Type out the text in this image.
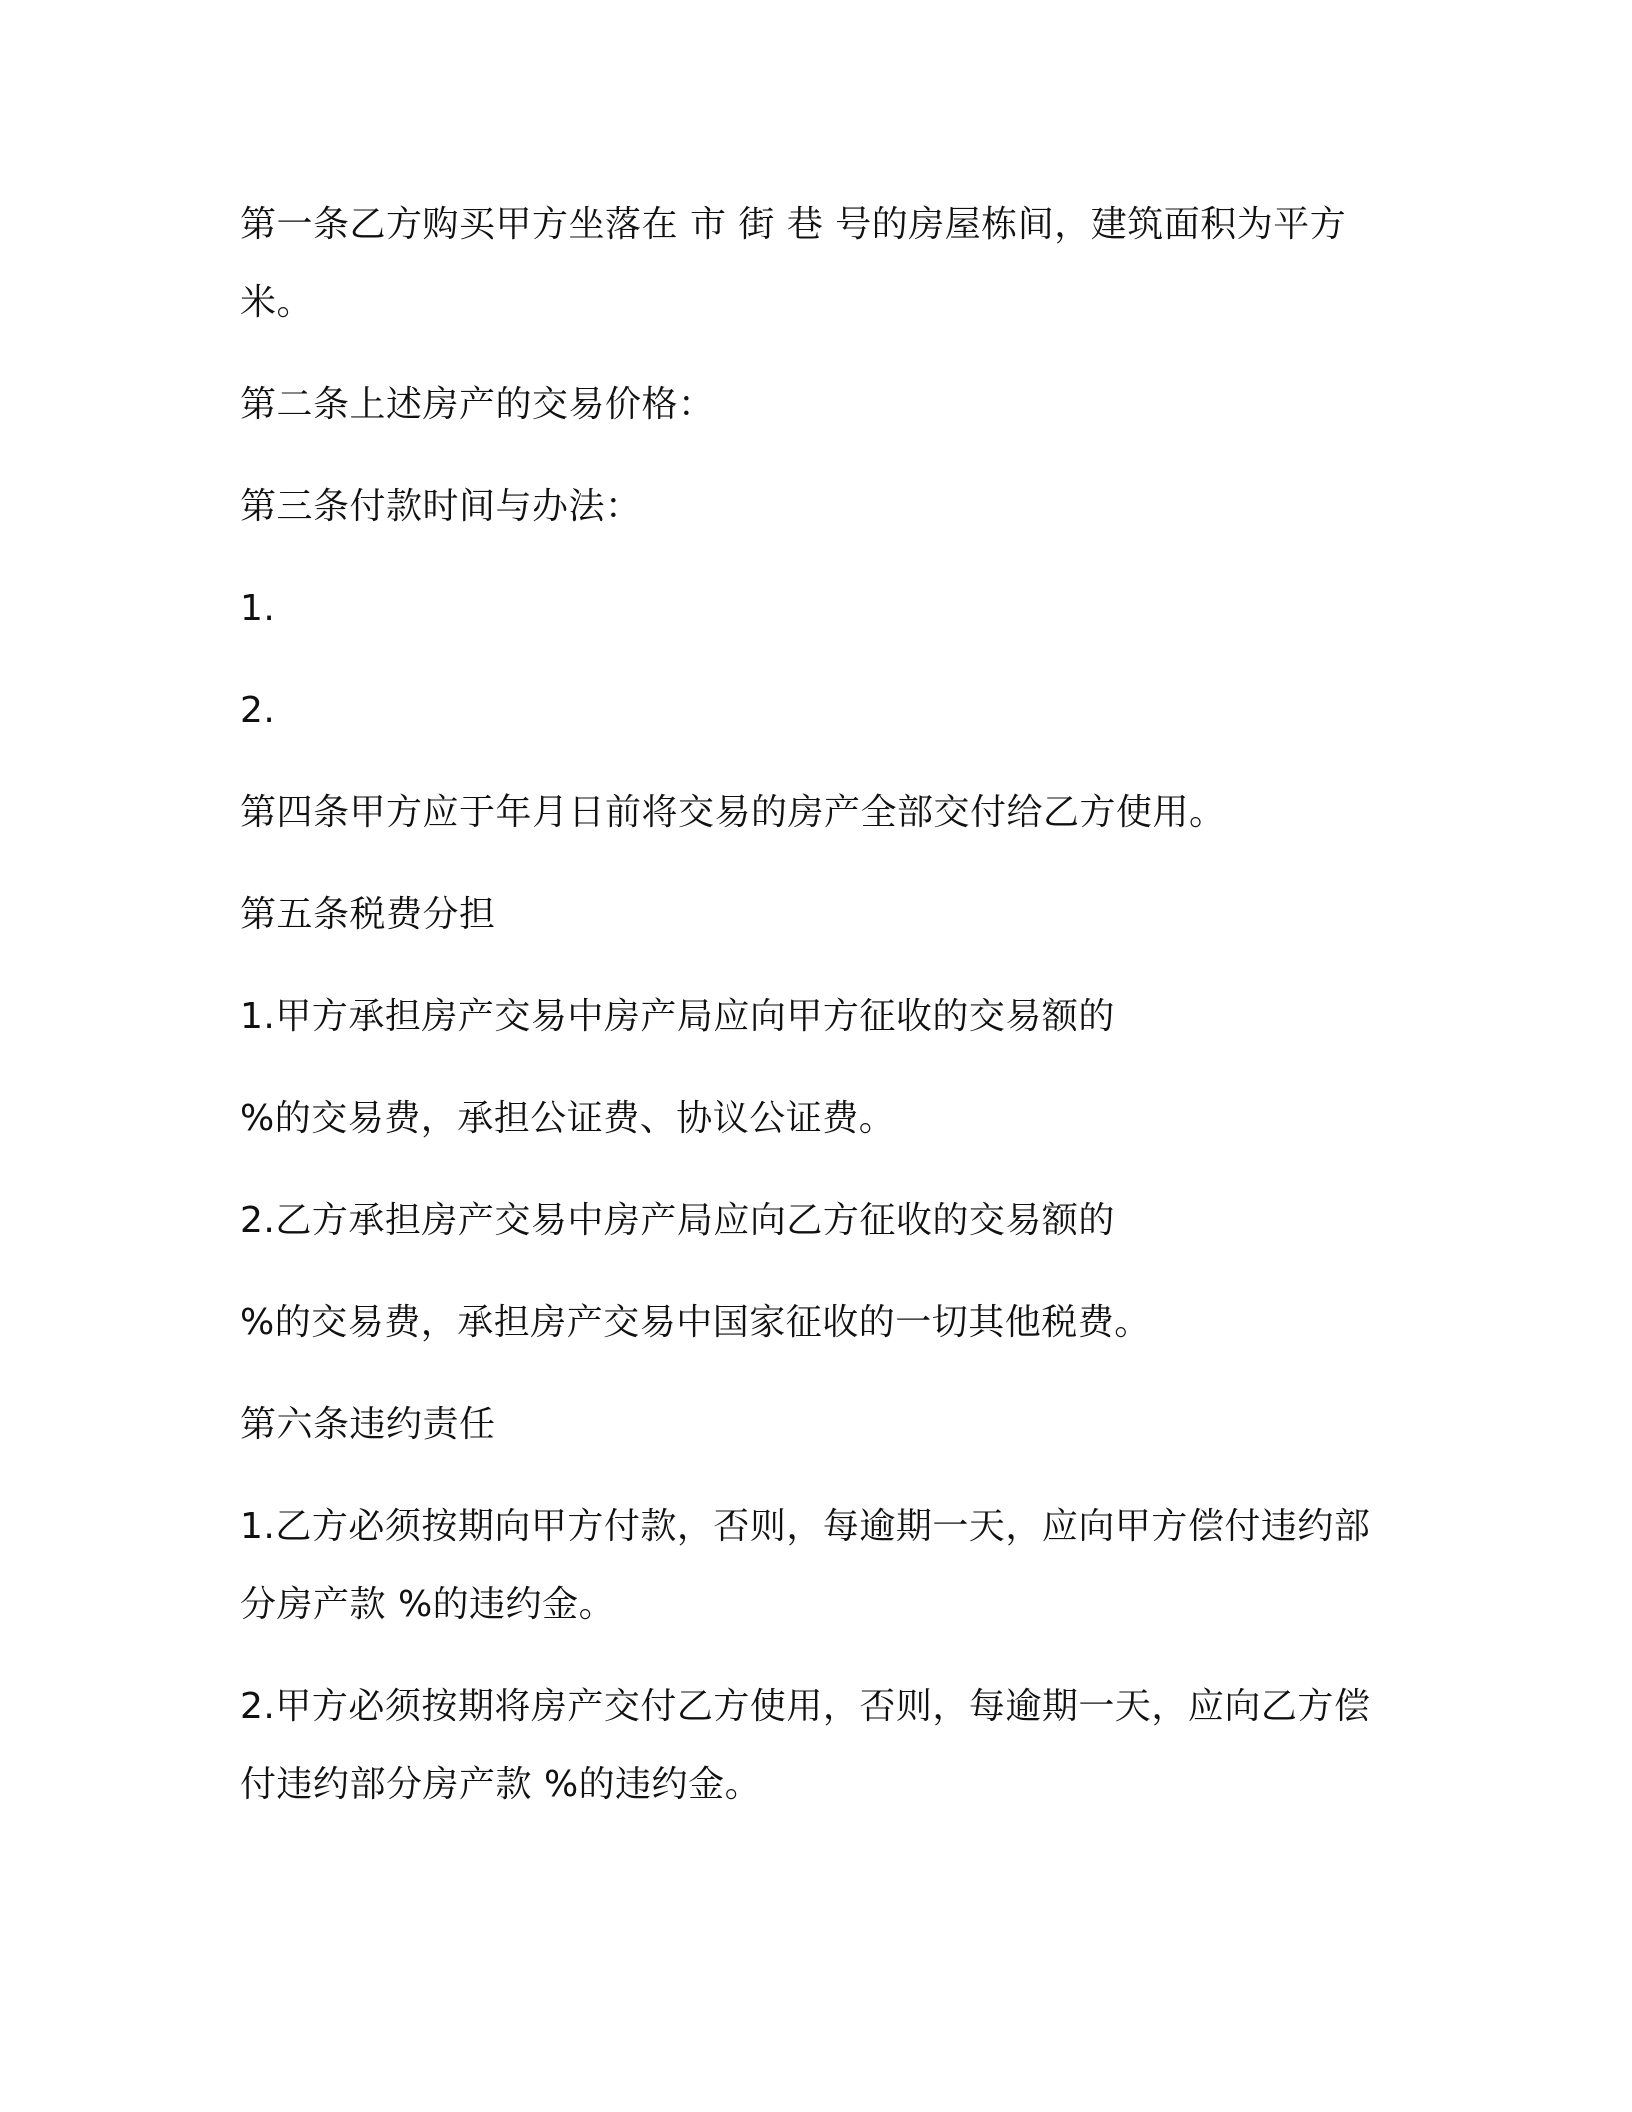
第一条乙方购买甲方坐落在 市 街 巷 号的房屋栋间，建筑面积为平方米。

第二条上述房产的交易价格：

第三条付款时间与办法：

1.

2.

第四条甲方应于年月日前将交易的房产全部交付给乙方使用。

第五条税费分担

1.甲方承担房产交易中房产局应向甲方征收的交易额的

%的交易费，承担公证费、协议公证费。

2.乙方承担房产交易中房产局应向乙方征收的交易额的

%的交易费，承担房产交易中国家征收的一切其他税费。

第六条违约责任

1.乙方必须按期向甲方付款，否则，每逾期一天，应向甲方偿付违约部分房产款 %的违约金。

2.甲方必须按期将房产交付乙方使用，否则，每逾期一天，应向乙方偿付违约部分房产款 %的违约金。
